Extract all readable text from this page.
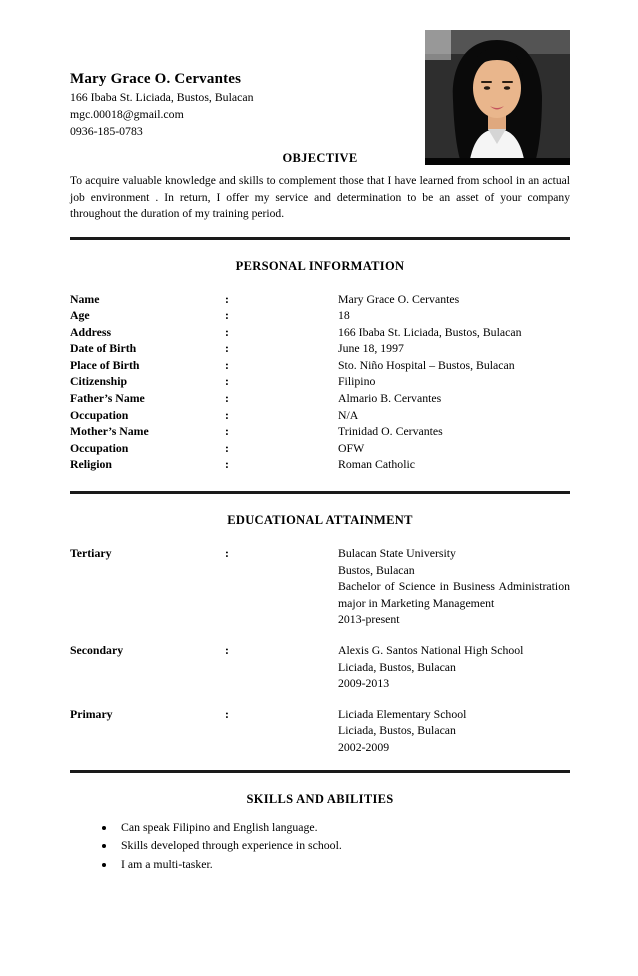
Mary Grace O. Cervantes
166 Ibaba St. Liciada, Bustos, Bulacan
mgc.00018@gmail.com
0936-185-0783
OBJECTIVE
To acquire valuable knowledge and skills to complement those that I have learned from school in an actual job environment . In return, I offer my service and determination to be an asset of your company throughout the duration of my training period.
PERSONAL INFORMATION
Name	:	Mary Grace O. Cervantes
Age	:	18
Address	:	166 Ibaba St. Liciada, Bustos, Bulacan
Date of Birth	:	June 18, 1997
Place of Birth	:	Sto. Niño Hospital – Bustos, Bulacan
Citizenship	:	Filipino
Father’s Name	:	Almario B. Cervantes
Occupation	:	N/A
Mother’s Name	:	Trinidad O. Cervantes
Occupation	:	OFW
Religion	:	Roman Catholic
EDUCATIONAL ATTAINMENT
Tertiary	:	Bulacan State University
Bustos, Bulacan
Bachelor of Science in Business Administration major in Marketing Management
2013-present
Secondary	:	Alexis G. Santos National High School
Liciada, Bustos, Bulacan
2009-2013
Primary	:	Liciada Elementary School
Liciada, Bustos, Bulacan
2002-2009
SKILLS AND ABILITIES
• Can speak Filipino and English language.
• Skills developed through experience in school.
• I am a multi-tasker.
